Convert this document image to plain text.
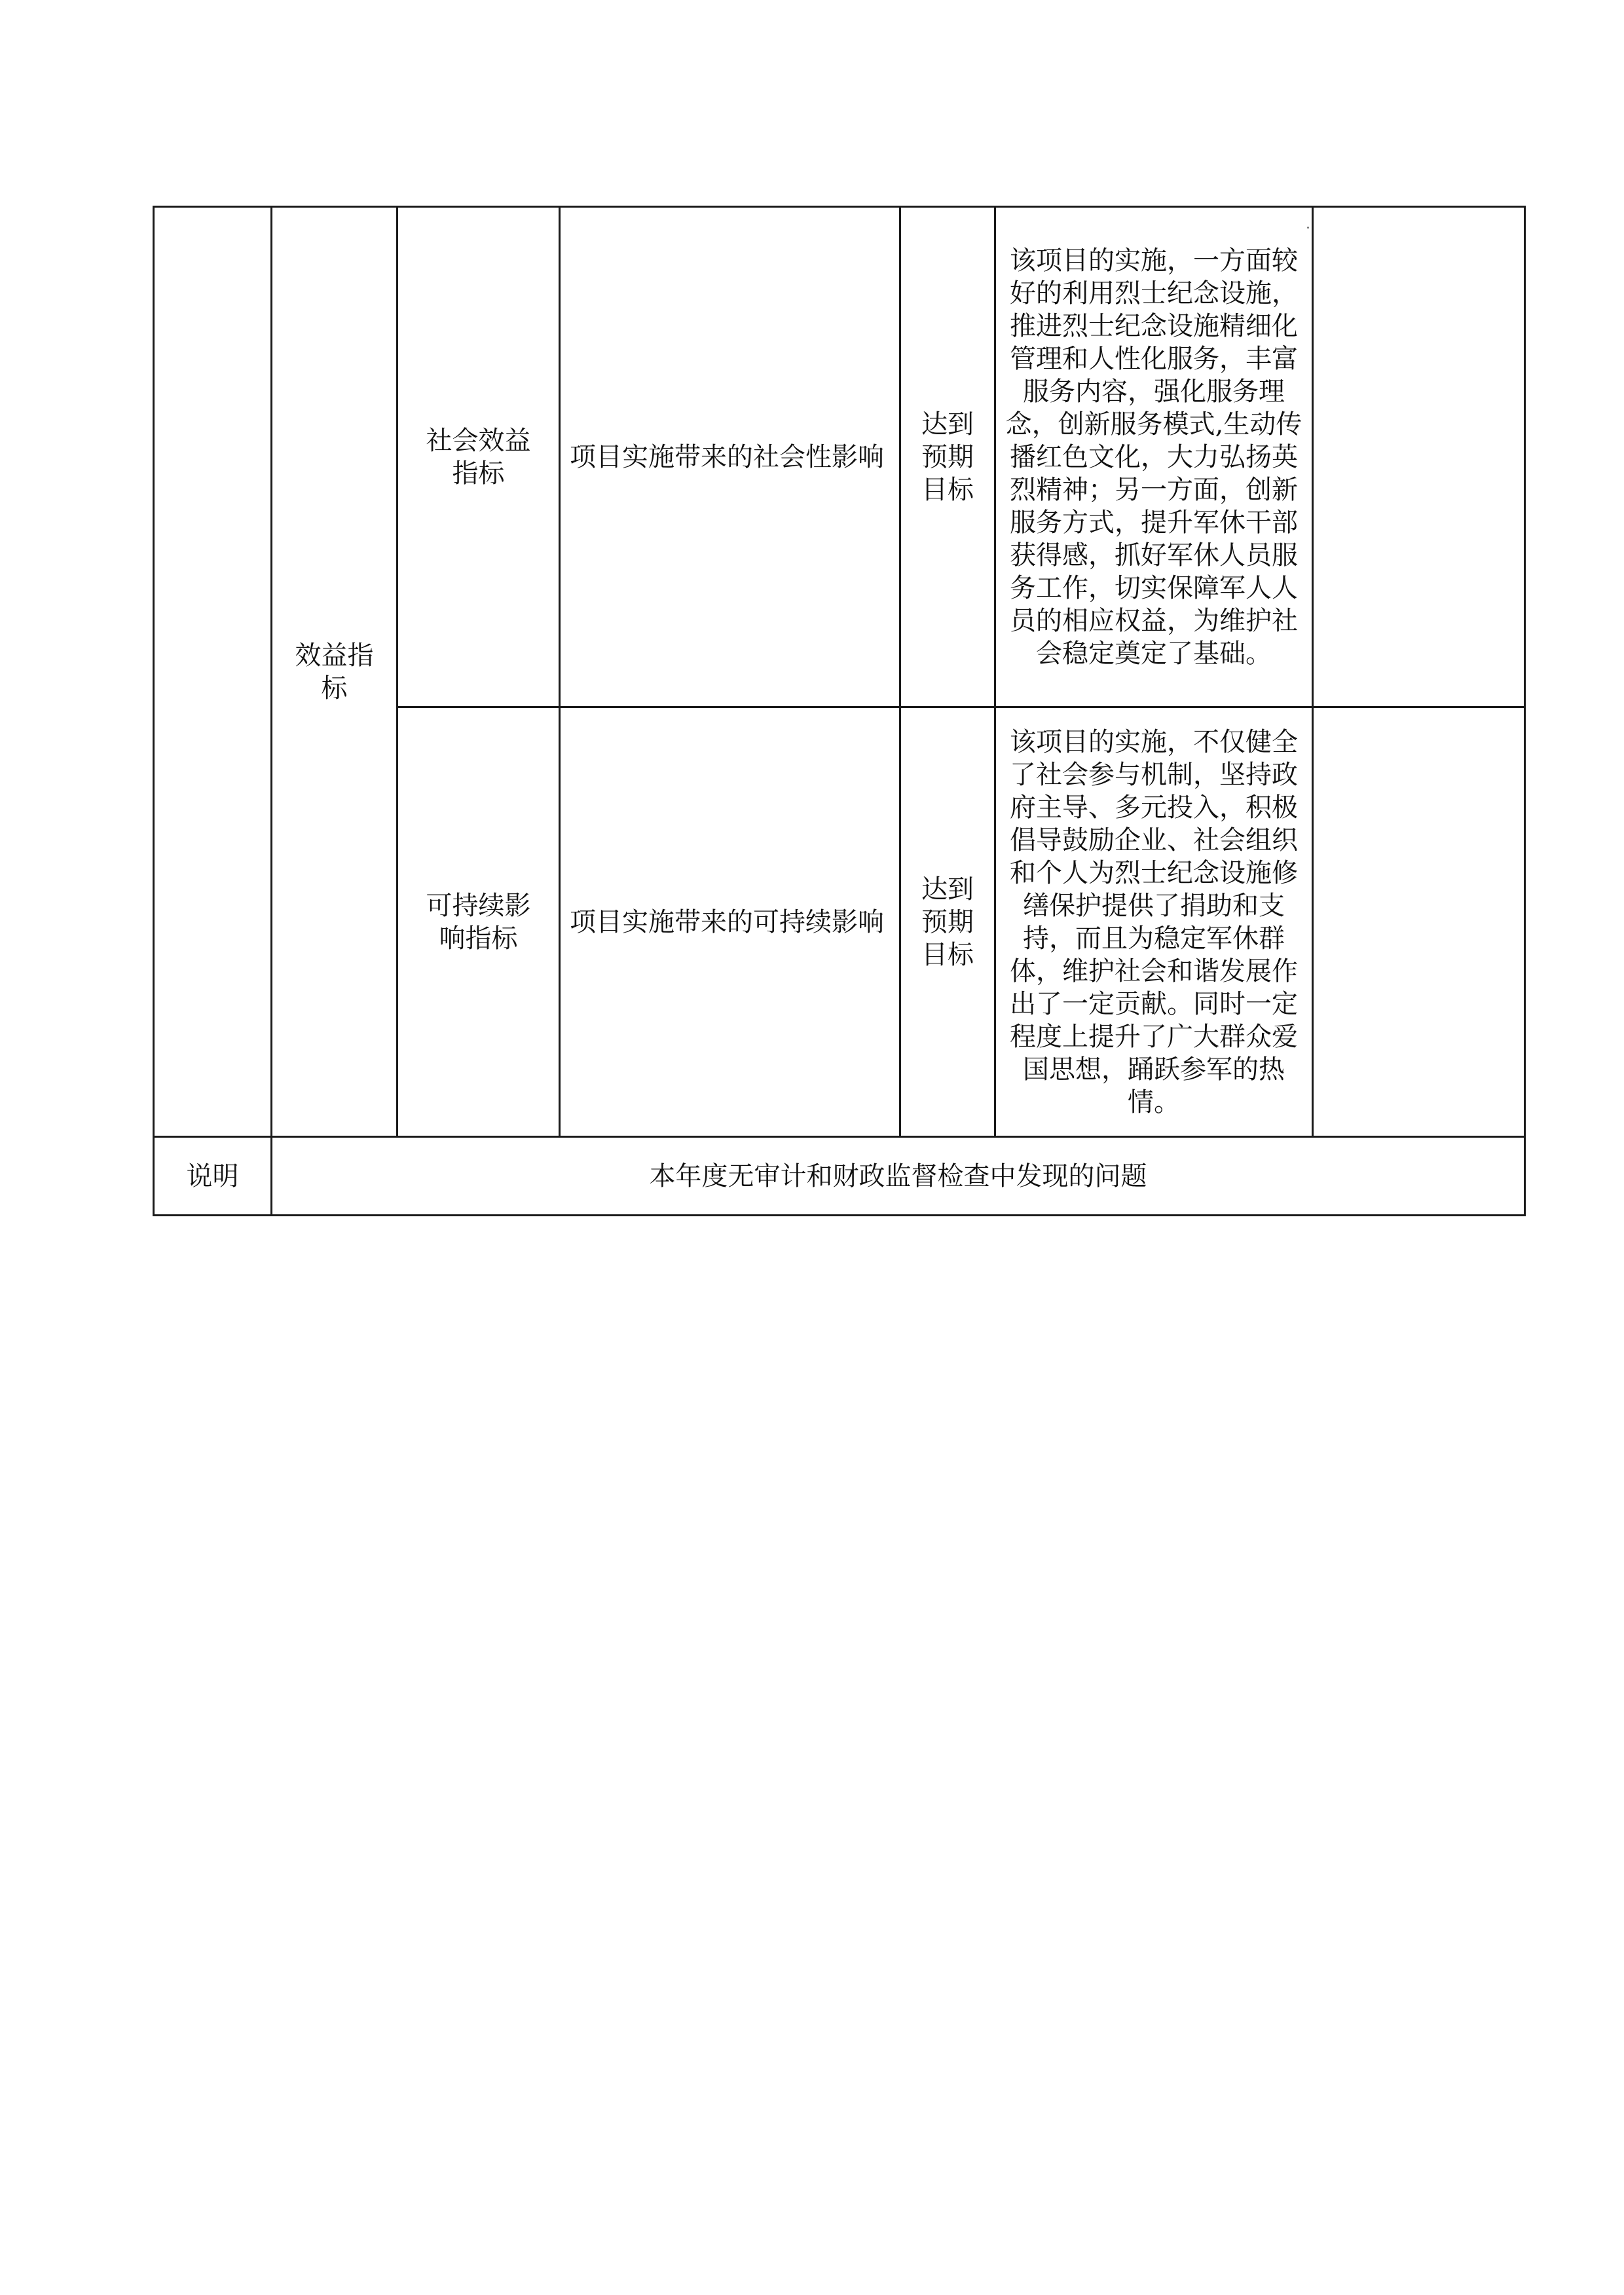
	效益指标	社会效益指标	项目实施带来的社会性影响	达到预期目标	该项目的实施，一方面较好的利用烈士纪念设施，推进烈士纪念设施精细化管理和人性化服务，丰富服务内容，强化服务理念，创新服务模式,生动传播红色文化，大力弘扬英烈精神；另一方面，创新服务方式，提升军休干部获得感，抓好军休人员服务工作，切实保障军人人员的相应权益，为维护社会稳定奠定了基础。	

		可持续影响指标	项目实施带来的可持续影响	达到预期目标	该项目的实施，不仅健全了社会参与机制，坚持政府主导、多元投入，积极倡导鼓励企业、社会组织和个人为烈士纪念设施修缮保护提供了捐助和支持，而且为稳定军休群体，维护社会和谐发展作出了一定贡献。同时一定程度上提升了广大群众爱国思想，踊跃参军的热情。	

说明	本年度无审计和财政监督检查中发现的问题					
